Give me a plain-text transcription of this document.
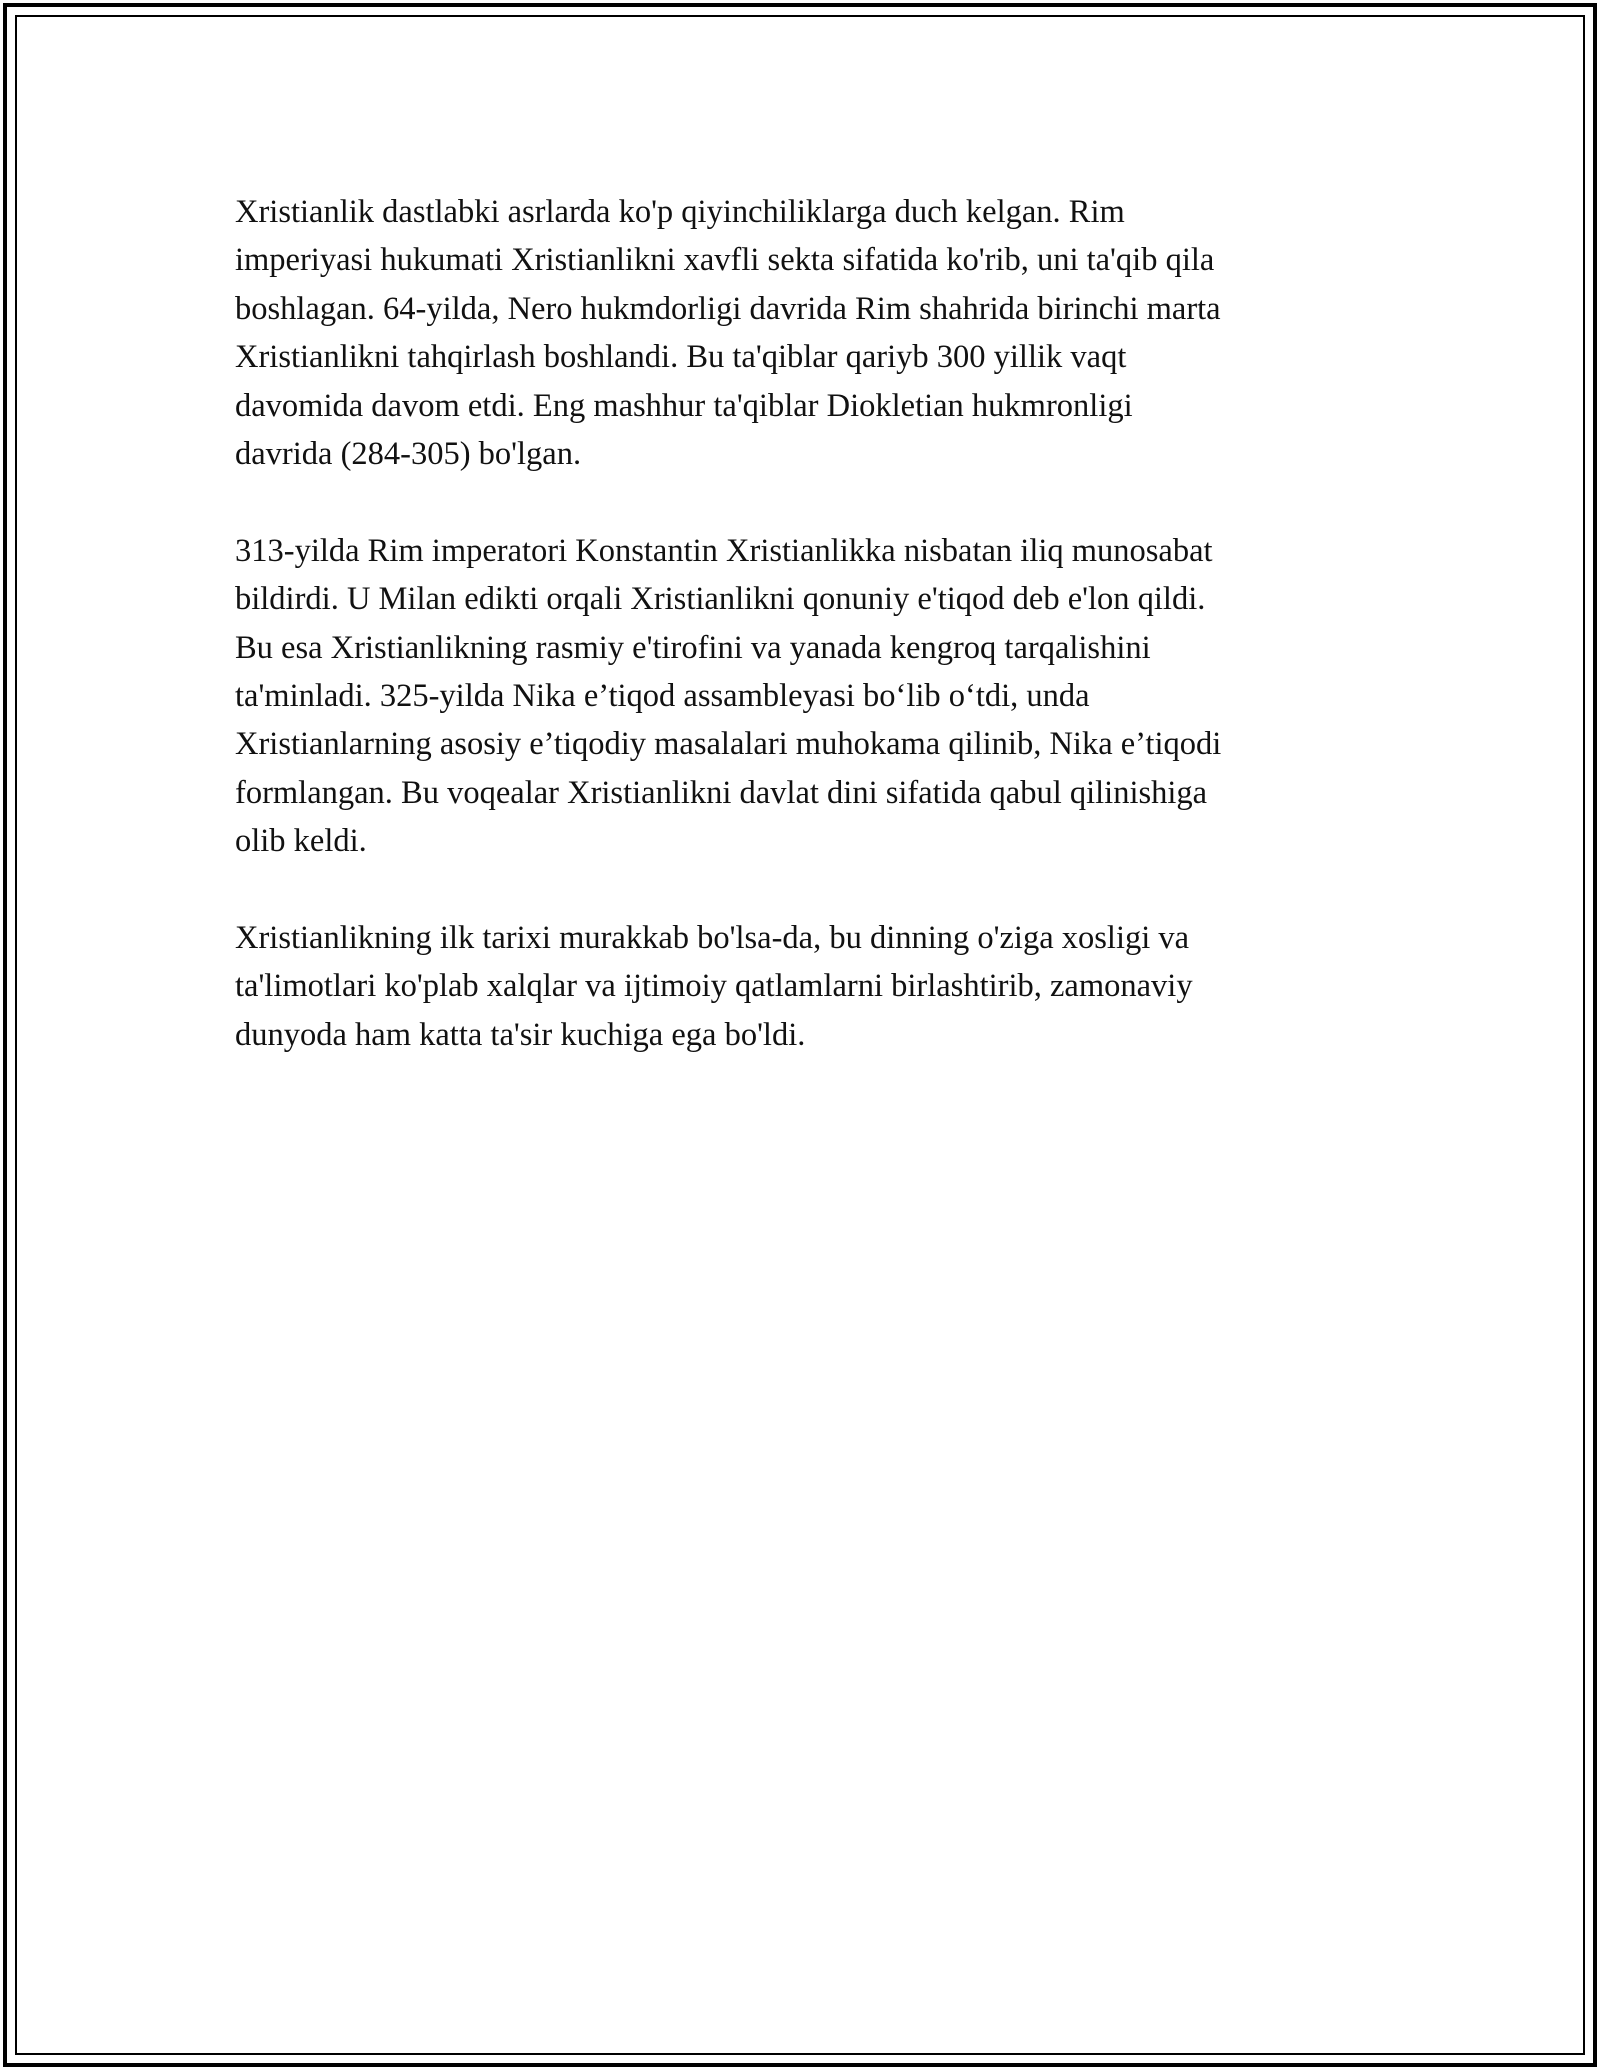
Xristianlik dastlabki asrlarda ko'p qiyinchiliklarga duch kelgan. Rim
imperiyasi hukumati Xristianlikni xavfli sekta sifatida ko'rib, uni ta'qib qila
boshlagan. 64-yilda, Nero hukmdorligi davrida Rim shahrida birinchi marta
Xristianlikni tahqirlash boshlandi. Bu ta'qiblar qariyb 300 yillik vaqt
davomida davom etdi. Eng mashhur ta'qiblar Diokletian hukmronligi
davrida (284-305) bo'lgan.

313-yilda Rim imperatori Konstantin Xristianlikka nisbatan iliq munosabat
bildirdi. U Milan edikti orqali Xristianlikni qonuniy e'tiqod deb e'lon qildi.
Bu esa Xristianlikning rasmiy e'tirofini va yanada kengroq tarqalishini
ta'minladi. 325-yilda Nika e’tiqod assambleyasi bo‘lib o‘tdi, unda
Xristianlarning asosiy e’tiqodiy masalalari muhokama qilinib, Nika e’tiqodi
formlangan. Bu voqealar Xristianlikni davlat dini sifatida qabul qilinishiga
olib keldi.

Xristianlikning ilk tarixi murakkab bo'lsa-da, bu dinning o'ziga xosligi va
ta'limotlari ko'plab xalqlar va ijtimoiy qatlamlarni birlashtirib, zamonaviy
dunyoda ham katta ta'sir kuchiga ega bo'ldi.
